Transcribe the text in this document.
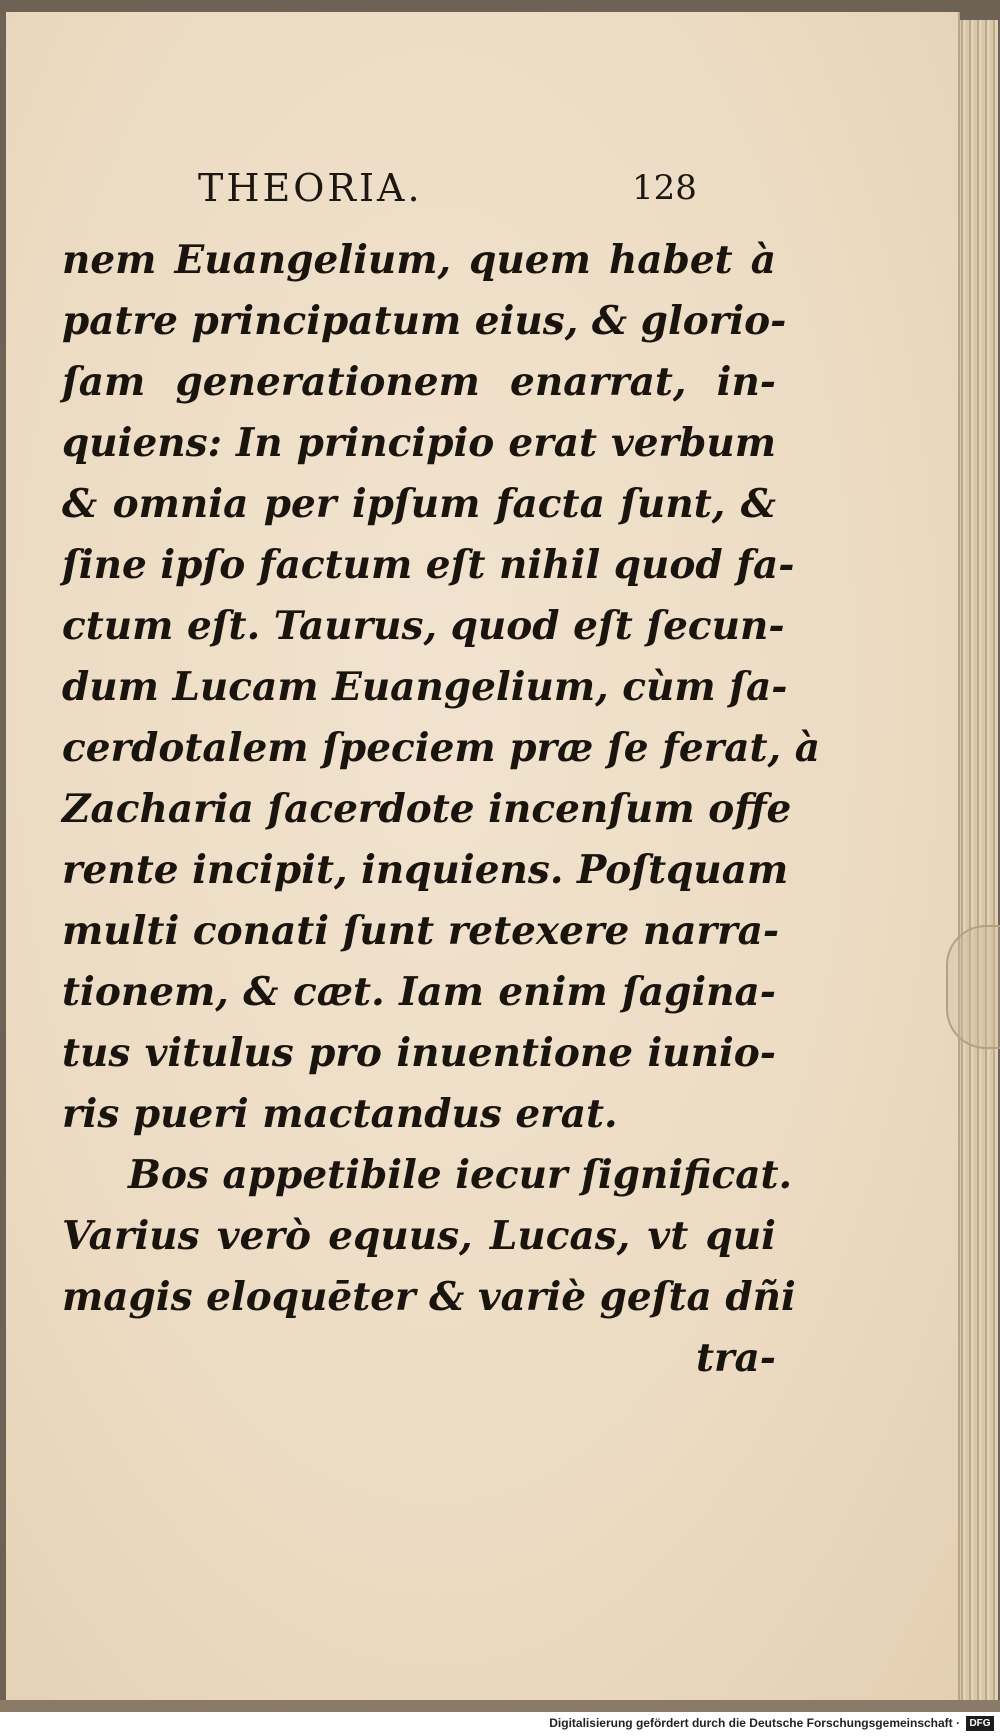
THEORIA.	128
nem Euangelium, quem habet à
patre principatum eius, & glorio-
ſam generationem enarrat, in-
quiens: In principio erat verbum
& omnia per ipſum facta ſunt, &
ſine ipſo factum eſt nihil quod fa-
ctum eſt. Taurus, quod eſt ſecun-
dum Lucam Euangelium, cùm ſa-
cerdotalem ſpeciem præ ſe ferat, à
Zacharia ſacerdote incenſum offe
rente incipit, inquiens. Poſtquam
multi conati ſunt retexere narra-
tionem, & cæt. Iam enim ſagina-
tus vitulus pro inuentione iunio-
ris pueri mactandus erat.
Bos appetibile iecur ſignificat.
Varius verò equus, Lucas, vt qui
magis eloquēter & variè geſta dñi
tra-
Digitalisierung gefördert durch die Deutsche Forschungsgemeinschaft · DFG
